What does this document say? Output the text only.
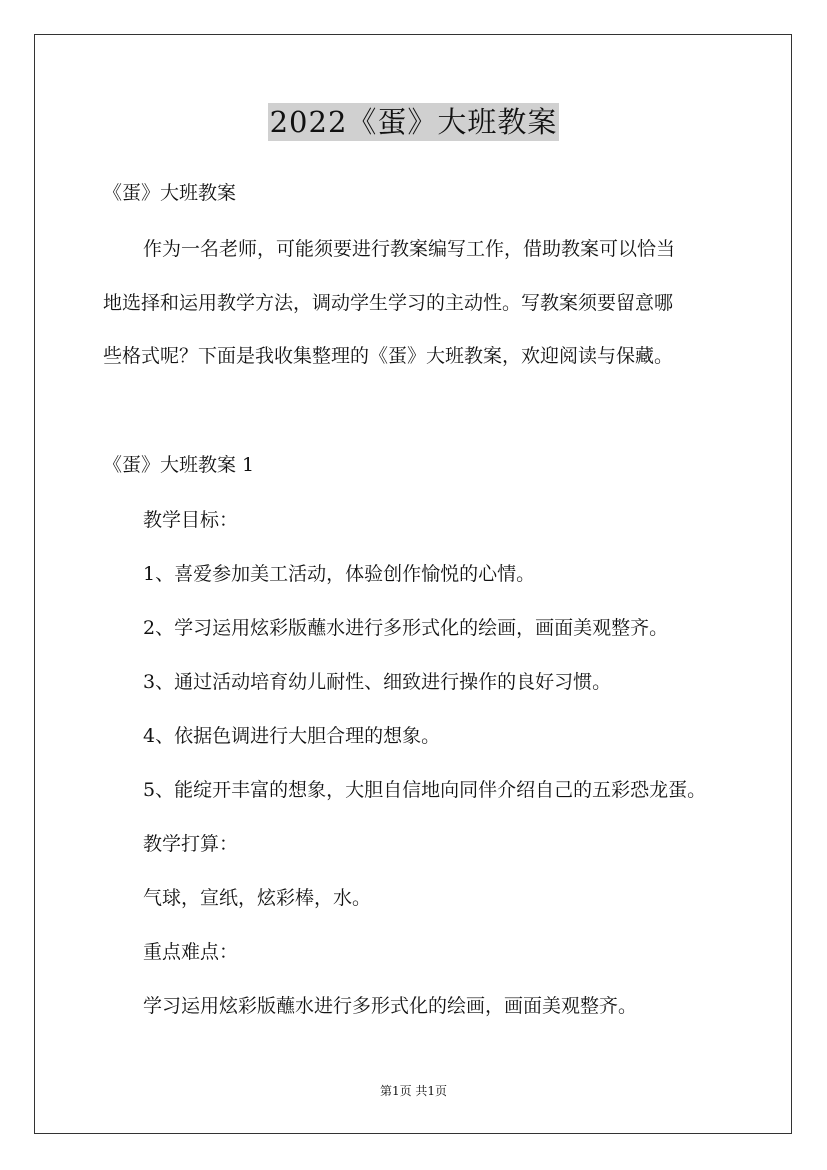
2022《蛋》大班教案
《蛋》大班教案
作为一名老师，可能须要进行教案编写工作，借助教案可以恰当
地选择和运用教学方法，调动学生学习的主动性。写教案须要留意哪
些格式呢？下面是我收集整理的《蛋》大班教案，欢迎阅读与保藏。
《蛋》大班教案 1
教学目标：
1、喜爱参加美工活动，体验创作愉悦的心情。
2、学习运用炫彩版蘸水进行多形式化的绘画，画面美观整齐。
3、通过活动培育幼儿耐性、细致进行操作的良好习惯。
4、依据色调进行大胆合理的想象。
5、能绽开丰富的想象，大胆自信地向同伴介绍自己的五彩恐龙蛋。
教学打算：
气球，宣纸，炫彩棒，水。
重点难点：
学习运用炫彩版蘸水进行多形式化的绘画，画面美观整齐。
第1页 共1页
